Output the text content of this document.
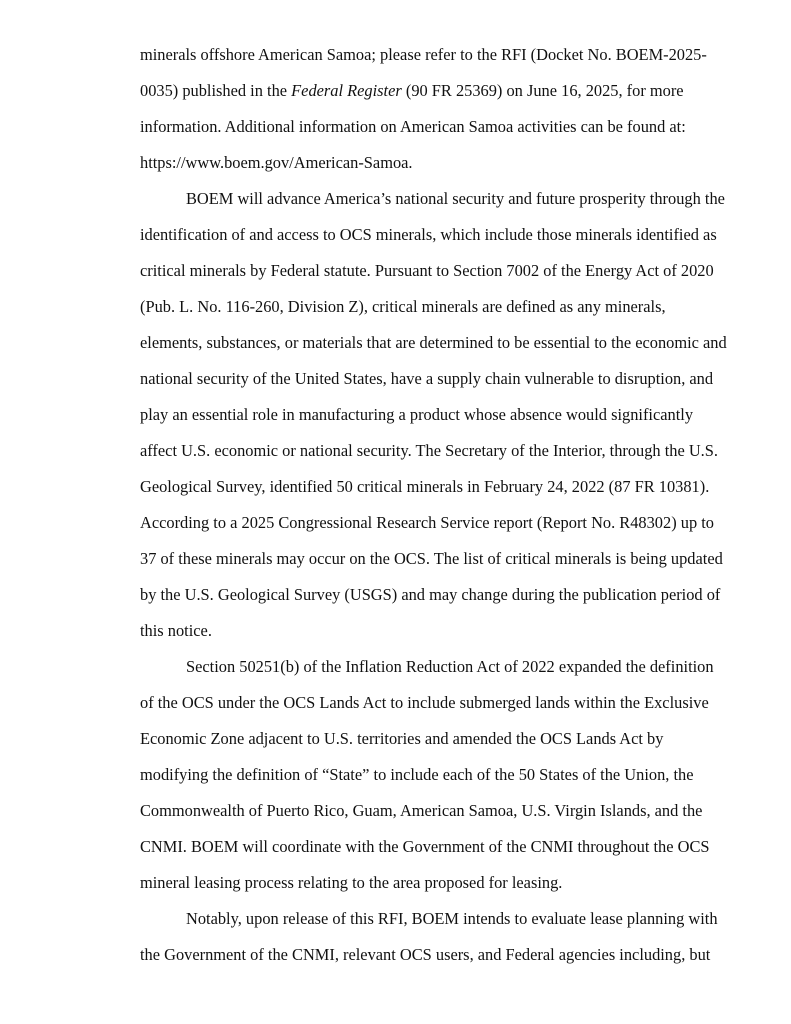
minerals offshore American Samoa; please refer to the RFI (Docket No. BOEM-2025-
0035) published in the Federal Register (90 FR 25369) on June 16, 2025, for more
information. Additional information on American Samoa activities can be found at:
https://www.boem.gov/American-Samoa.
BOEM will advance America’s national security and future prosperity through the
identification of and access to OCS minerals, which include those minerals identified as
critical minerals by Federal statute. Pursuant to Section 7002 of the Energy Act of 2020
(Pub. L. No. 116-260, Division Z), critical minerals are defined as any minerals,
elements, substances, or materials that are determined to be essential to the economic and
national security of the United States, have a supply chain vulnerable to disruption, and
play an essential role in manufacturing a product whose absence would significantly
affect U.S. economic or national security. The Secretary of the Interior, through the U.S.
Geological Survey, identified 50 critical minerals in February 24, 2022 (87 FR 10381).
According to a 2025 Congressional Research Service report (Report No. R48302) up to
37 of these minerals may occur on the OCS. The list of critical minerals is being updated
by the U.S. Geological Survey (USGS) and may change during the publication period of
this notice.
Section 50251(b) of the Inflation Reduction Act of 2022 expanded the definition
of the OCS under the OCS Lands Act to include submerged lands within the Exclusive
Economic Zone adjacent to U.S. territories and amended the OCS Lands Act by
modifying the definition of “State” to include each of the 50 States of the Union, the
Commonwealth of Puerto Rico, Guam, American Samoa, U.S. Virgin Islands, and the
CNMI. BOEM will coordinate with the Government of the CNMI throughout the OCS
mineral leasing process relating to the area proposed for leasing.
Notably, upon release of this RFI, BOEM intends to evaluate lease planning with
the Government of the CNMI, relevant OCS users, and Federal agencies including, but
